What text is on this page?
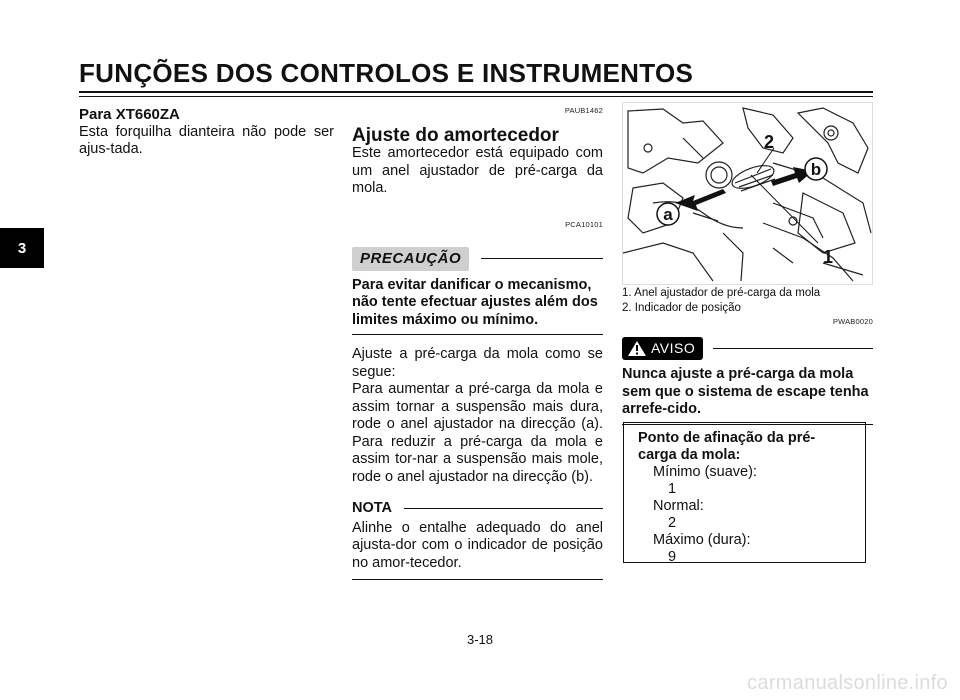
FUNÇÕES DOS CONTROLOS E INSTRUMENTOS
3
Para XT660ZA
Esta forquilha dianteira não pode ser ajus-tada.
PAUB1462
Ajuste do amortecedor
Este amortecedor está equipado com um anel ajustador de pré-carga da mola.
PCA10101
PRECAUÇÃO
Para evitar danificar o mecanismo, não tente efectuar ajustes além dos limites máximo ou mínimo.
Ajuste a pré-carga da mola como se segue:
Para aumentar a pré-carga da mola e assim tornar a suspensão mais dura, rode o anel ajustador na direcção (a). Para reduzir a pré-carga da mola e assim tor-nar a suspensão mais mole, rode o anel ajustador na direcção (b).
NOTA
Alinhe o entalhe adequado do anel ajusta-dor com o indicador de posição no amor-tecedor.
a
b
2
1
1. Anel ajustador de pré-carga da mola
2. Indicador de posição
PWAB0020
AVISO
Nunca ajuste a pré-carga da mola sem que o sistema de escape tenha arrefe-cido.
Ponto de afinação da pré-carga da mola:
Mínimo (suave):
1
Normal:
2
Máximo (dura):
9
3-18
carmanualsonline.info
